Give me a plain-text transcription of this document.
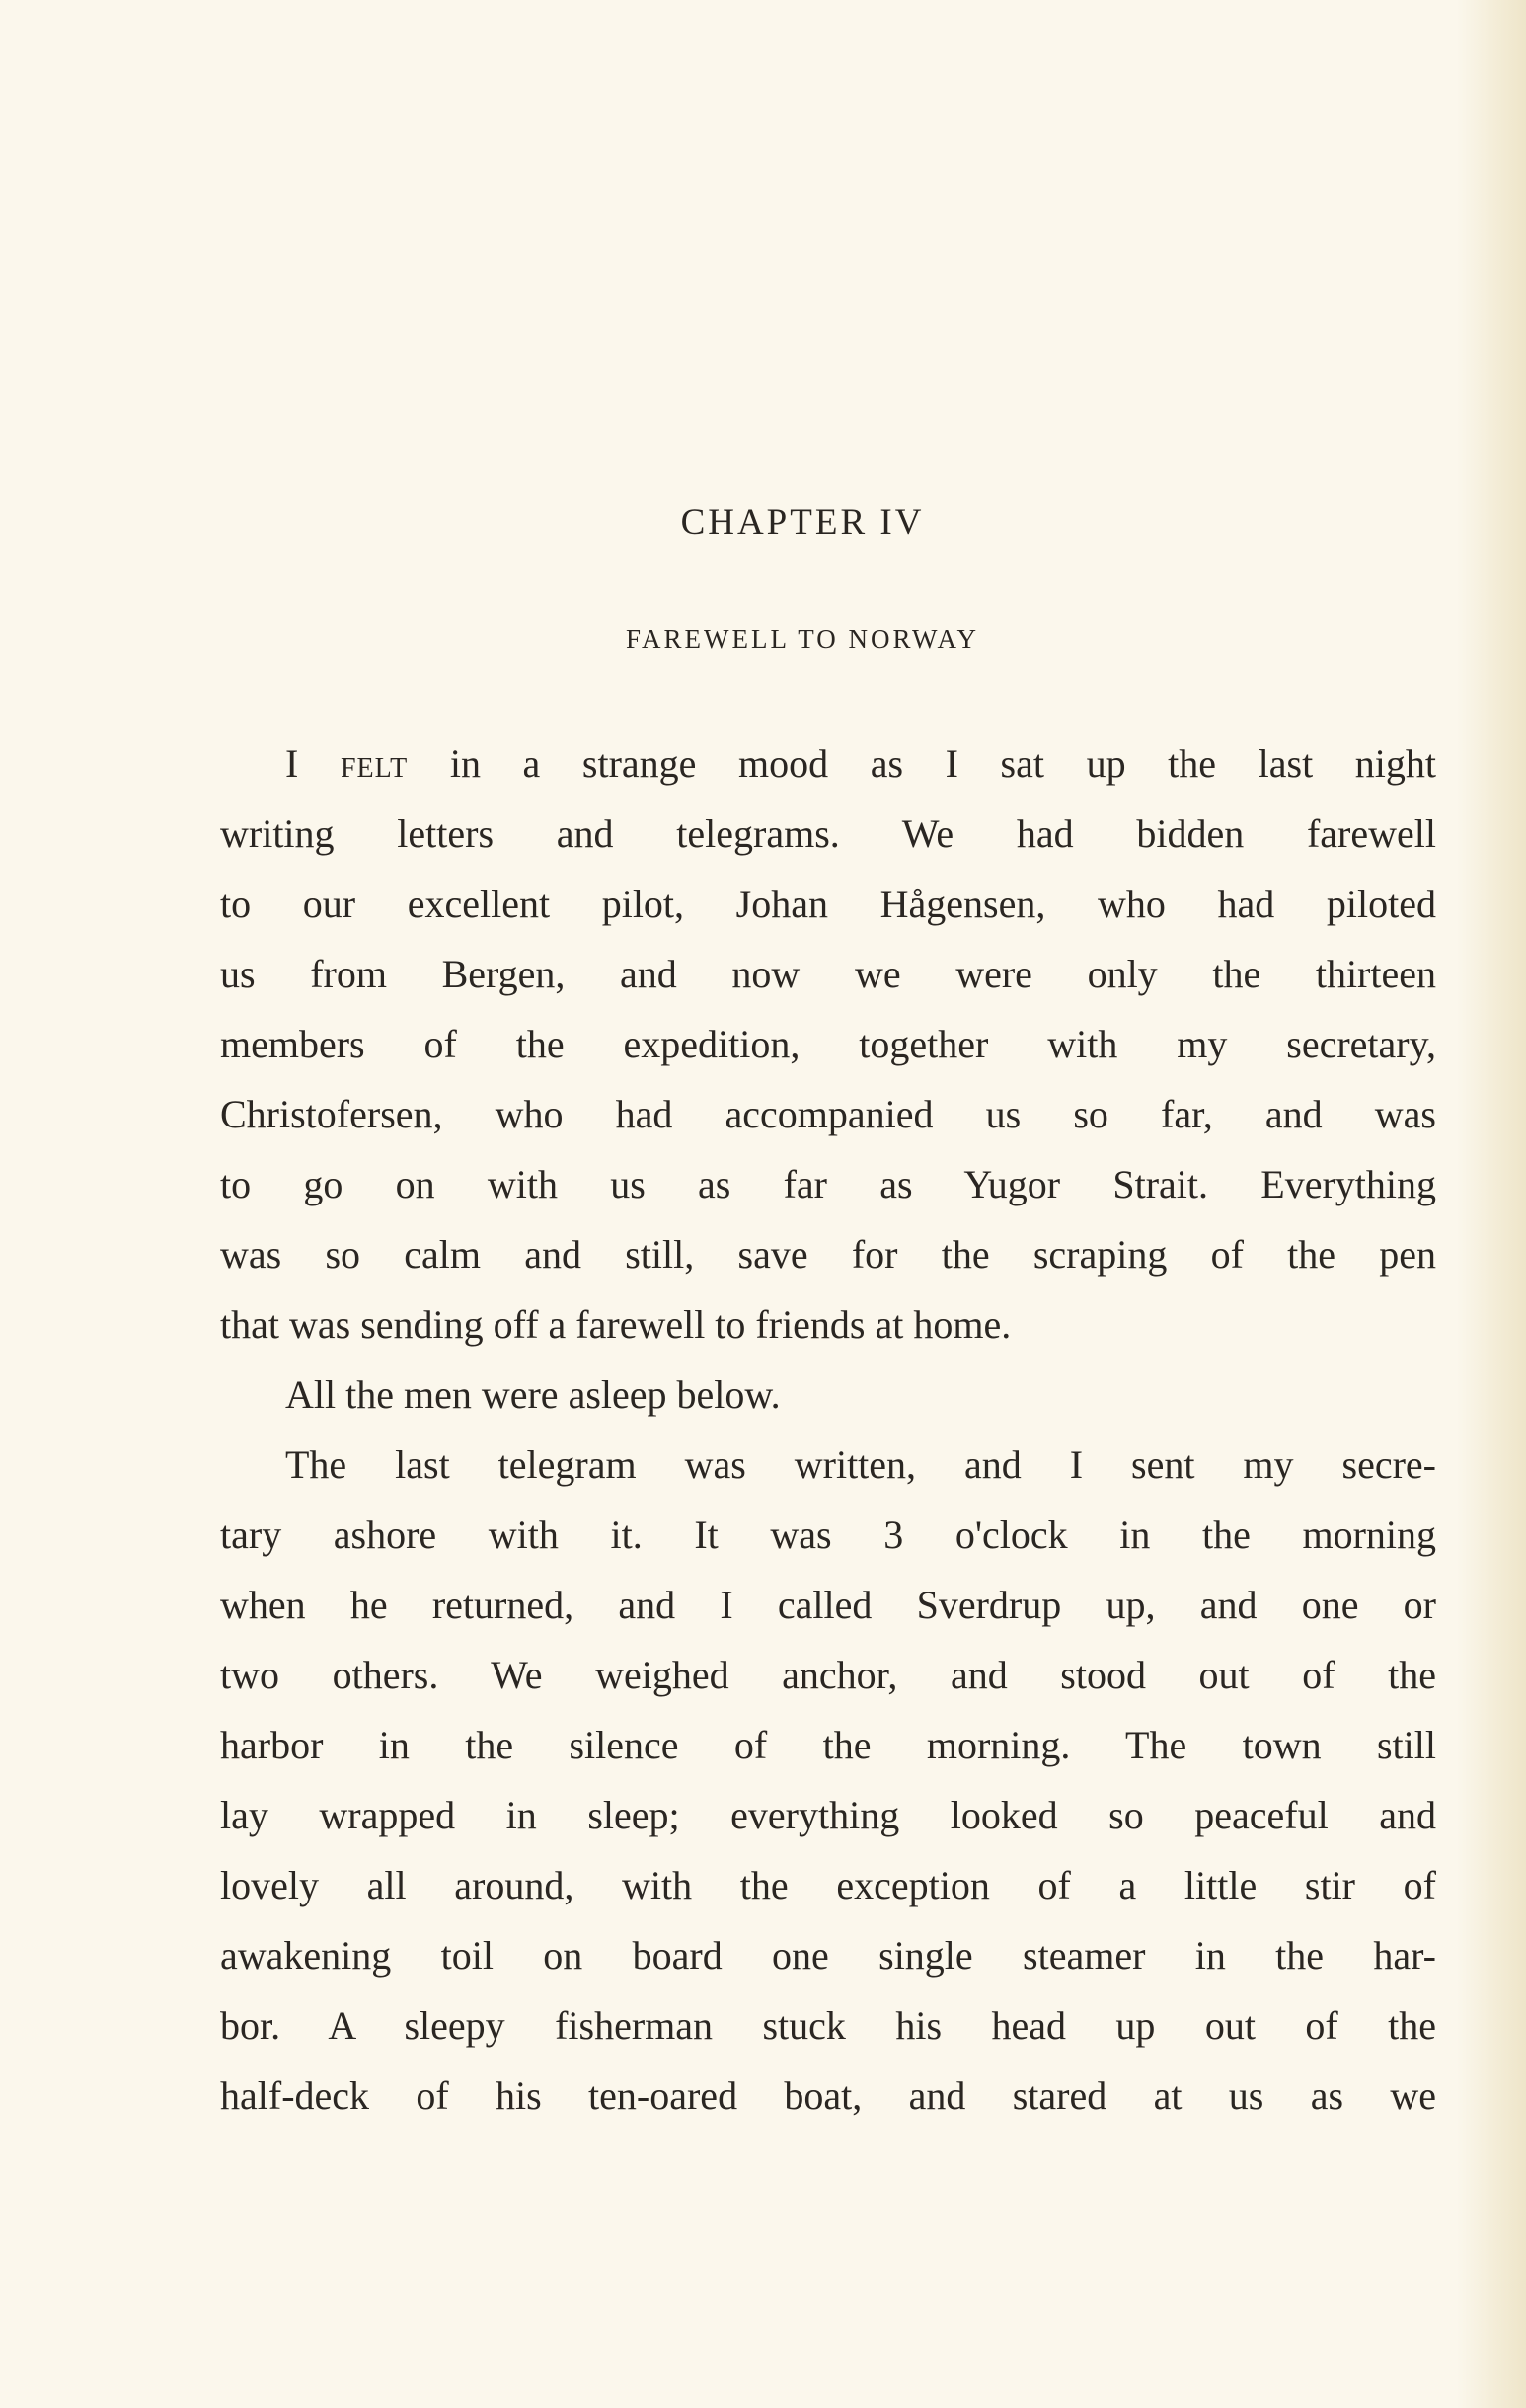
CHAPTER IV
FAREWELL TO NORWAY
I felt in a strange mood as I sat up the last night
writing letters and telegrams. We had bidden farewell
to our excellent pilot, Johan Hågensen, who had piloted
us from Bergen, and now we were only the thirteen
members of the expedition, together with my secretary,
Christofersen, who had accompanied us so far, and was
to go on with us as far as Yugor Strait. Everything
was so calm and still, save for the scraping of the pen
that was sending off a farewell to friends at home.
All the men were asleep below.
The last telegram was written, and I sent my secre-
tary ashore with it. It was 3 o'clock in the morning
when he returned, and I called Sverdrup up, and one or
two others. We weighed anchor, and stood out of the
harbor in the silence of the morning. The town still
lay wrapped in sleep; everything looked so peaceful and
lovely all around, with the exception of a little stir of
awakening toil on board one single steamer in the har-
bor. A sleepy fisherman stuck his head up out of the
half-deck of his ten-oared boat, and stared at us as we
